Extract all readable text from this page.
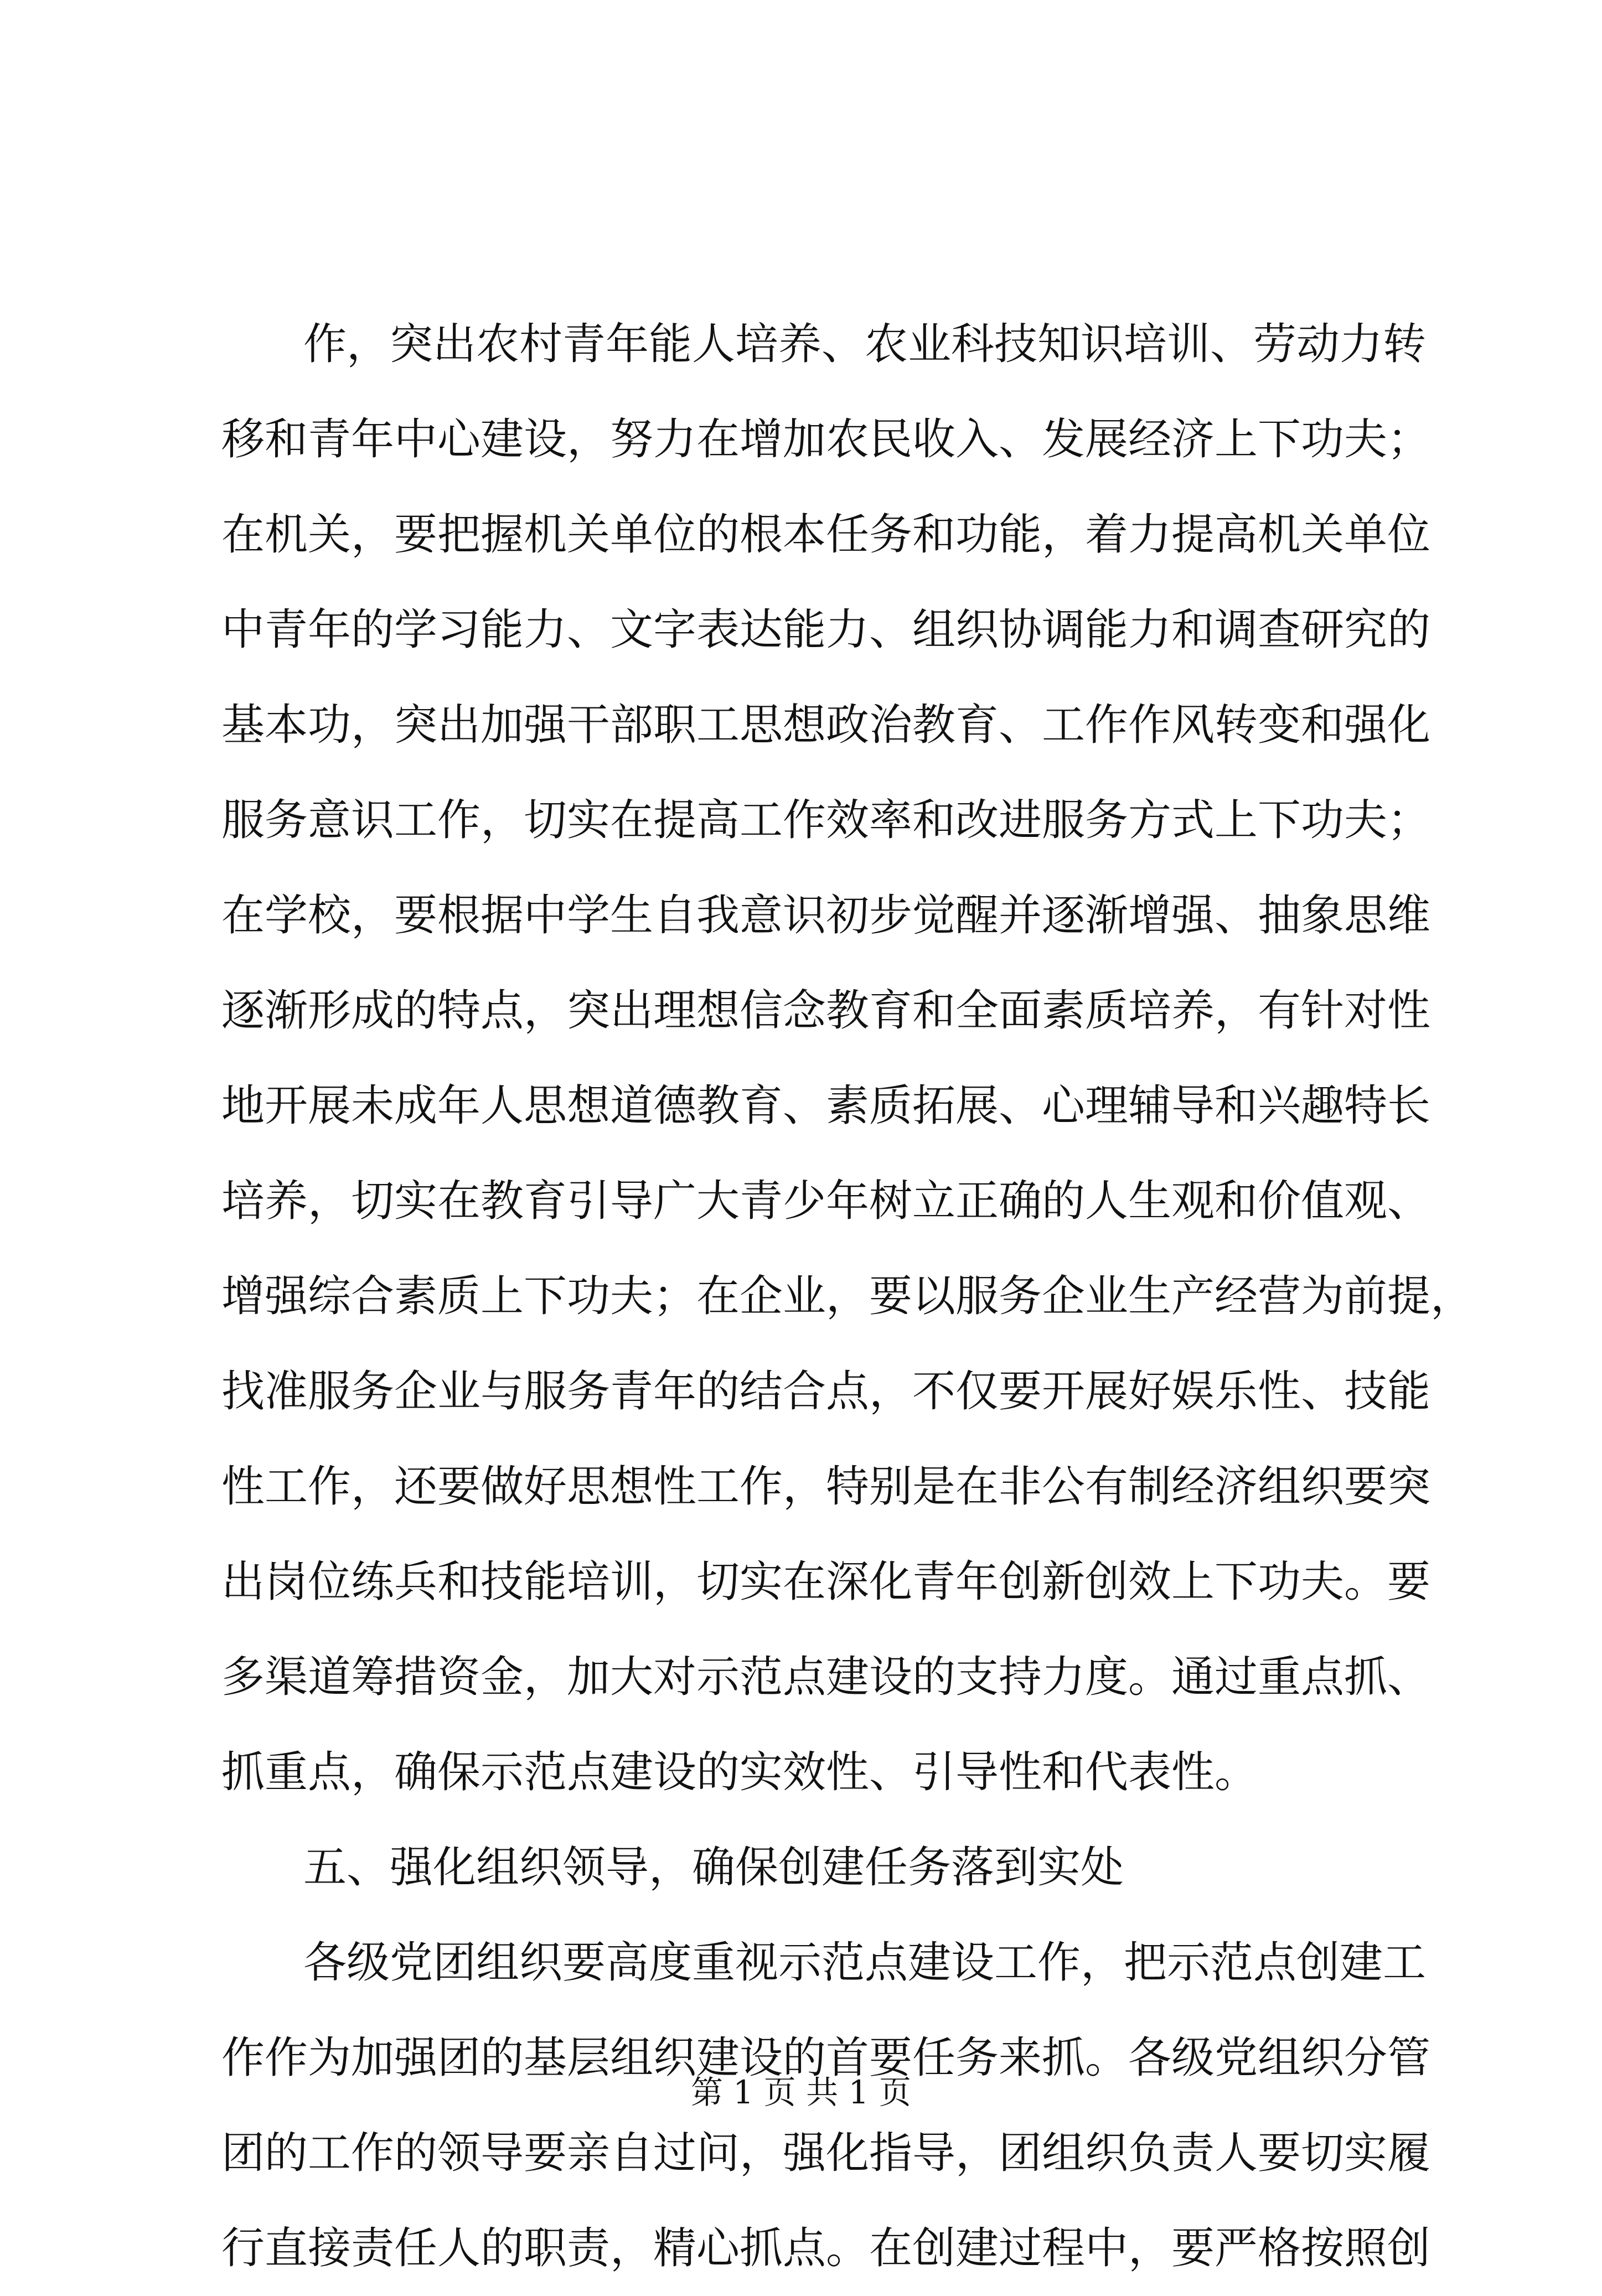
作，突出农村青年能人培养、农业科技知识培训、劳动力转
移和青年中心建设，努力在增加农民收入、发展经济上下功夫；
在机关，要把握机关单位的根本任务和功能，着力提高机关单位
中青年的学习能力、文字表达能力、组织协调能力和调查研究的
基本功，突出加强干部职工思想政治教育、工作作风转变和强化
服务意识工作，切实在提高工作效率和改进服务方式上下功夫；
在学校，要根据中学生自我意识初步觉醒并逐渐增强、抽象思维
逐渐形成的特点，突出理想信念教育和全面素质培养，有针对性
地开展未成年人思想道德教育、素质拓展、心理辅导和兴趣特长
培养，切实在教育引导广大青少年树立正确的人生观和价值观、
增强综合素质上下功夫；在企业，要以服务企业生产经营为前提，
找准服务企业与服务青年的结合点，不仅要开展好娱乐性、技能
性工作，还要做好思想性工作，特别是在非公有制经济组织要突
出岗位练兵和技能培训，切实在深化青年创新创效上下功夫。要
多渠道筹措资金，加大对示范点建设的支持力度。通过重点抓、
抓重点，确保示范点建设的实效性、引导性和代表性。
五、强化组织领导，确保创建任务落到实处
各级党团组织要高度重视示范点建设工作，把示范点创建工
作作为加强团的基层组织建设的首要任务来抓。各级党组织分管
团的工作的领导要亲自过问，强化指导，团组织负责人要切实履
行直接责任人的职责，精心抓点。在创建过程中，要严格按照创
第 1 页 共 1 页
